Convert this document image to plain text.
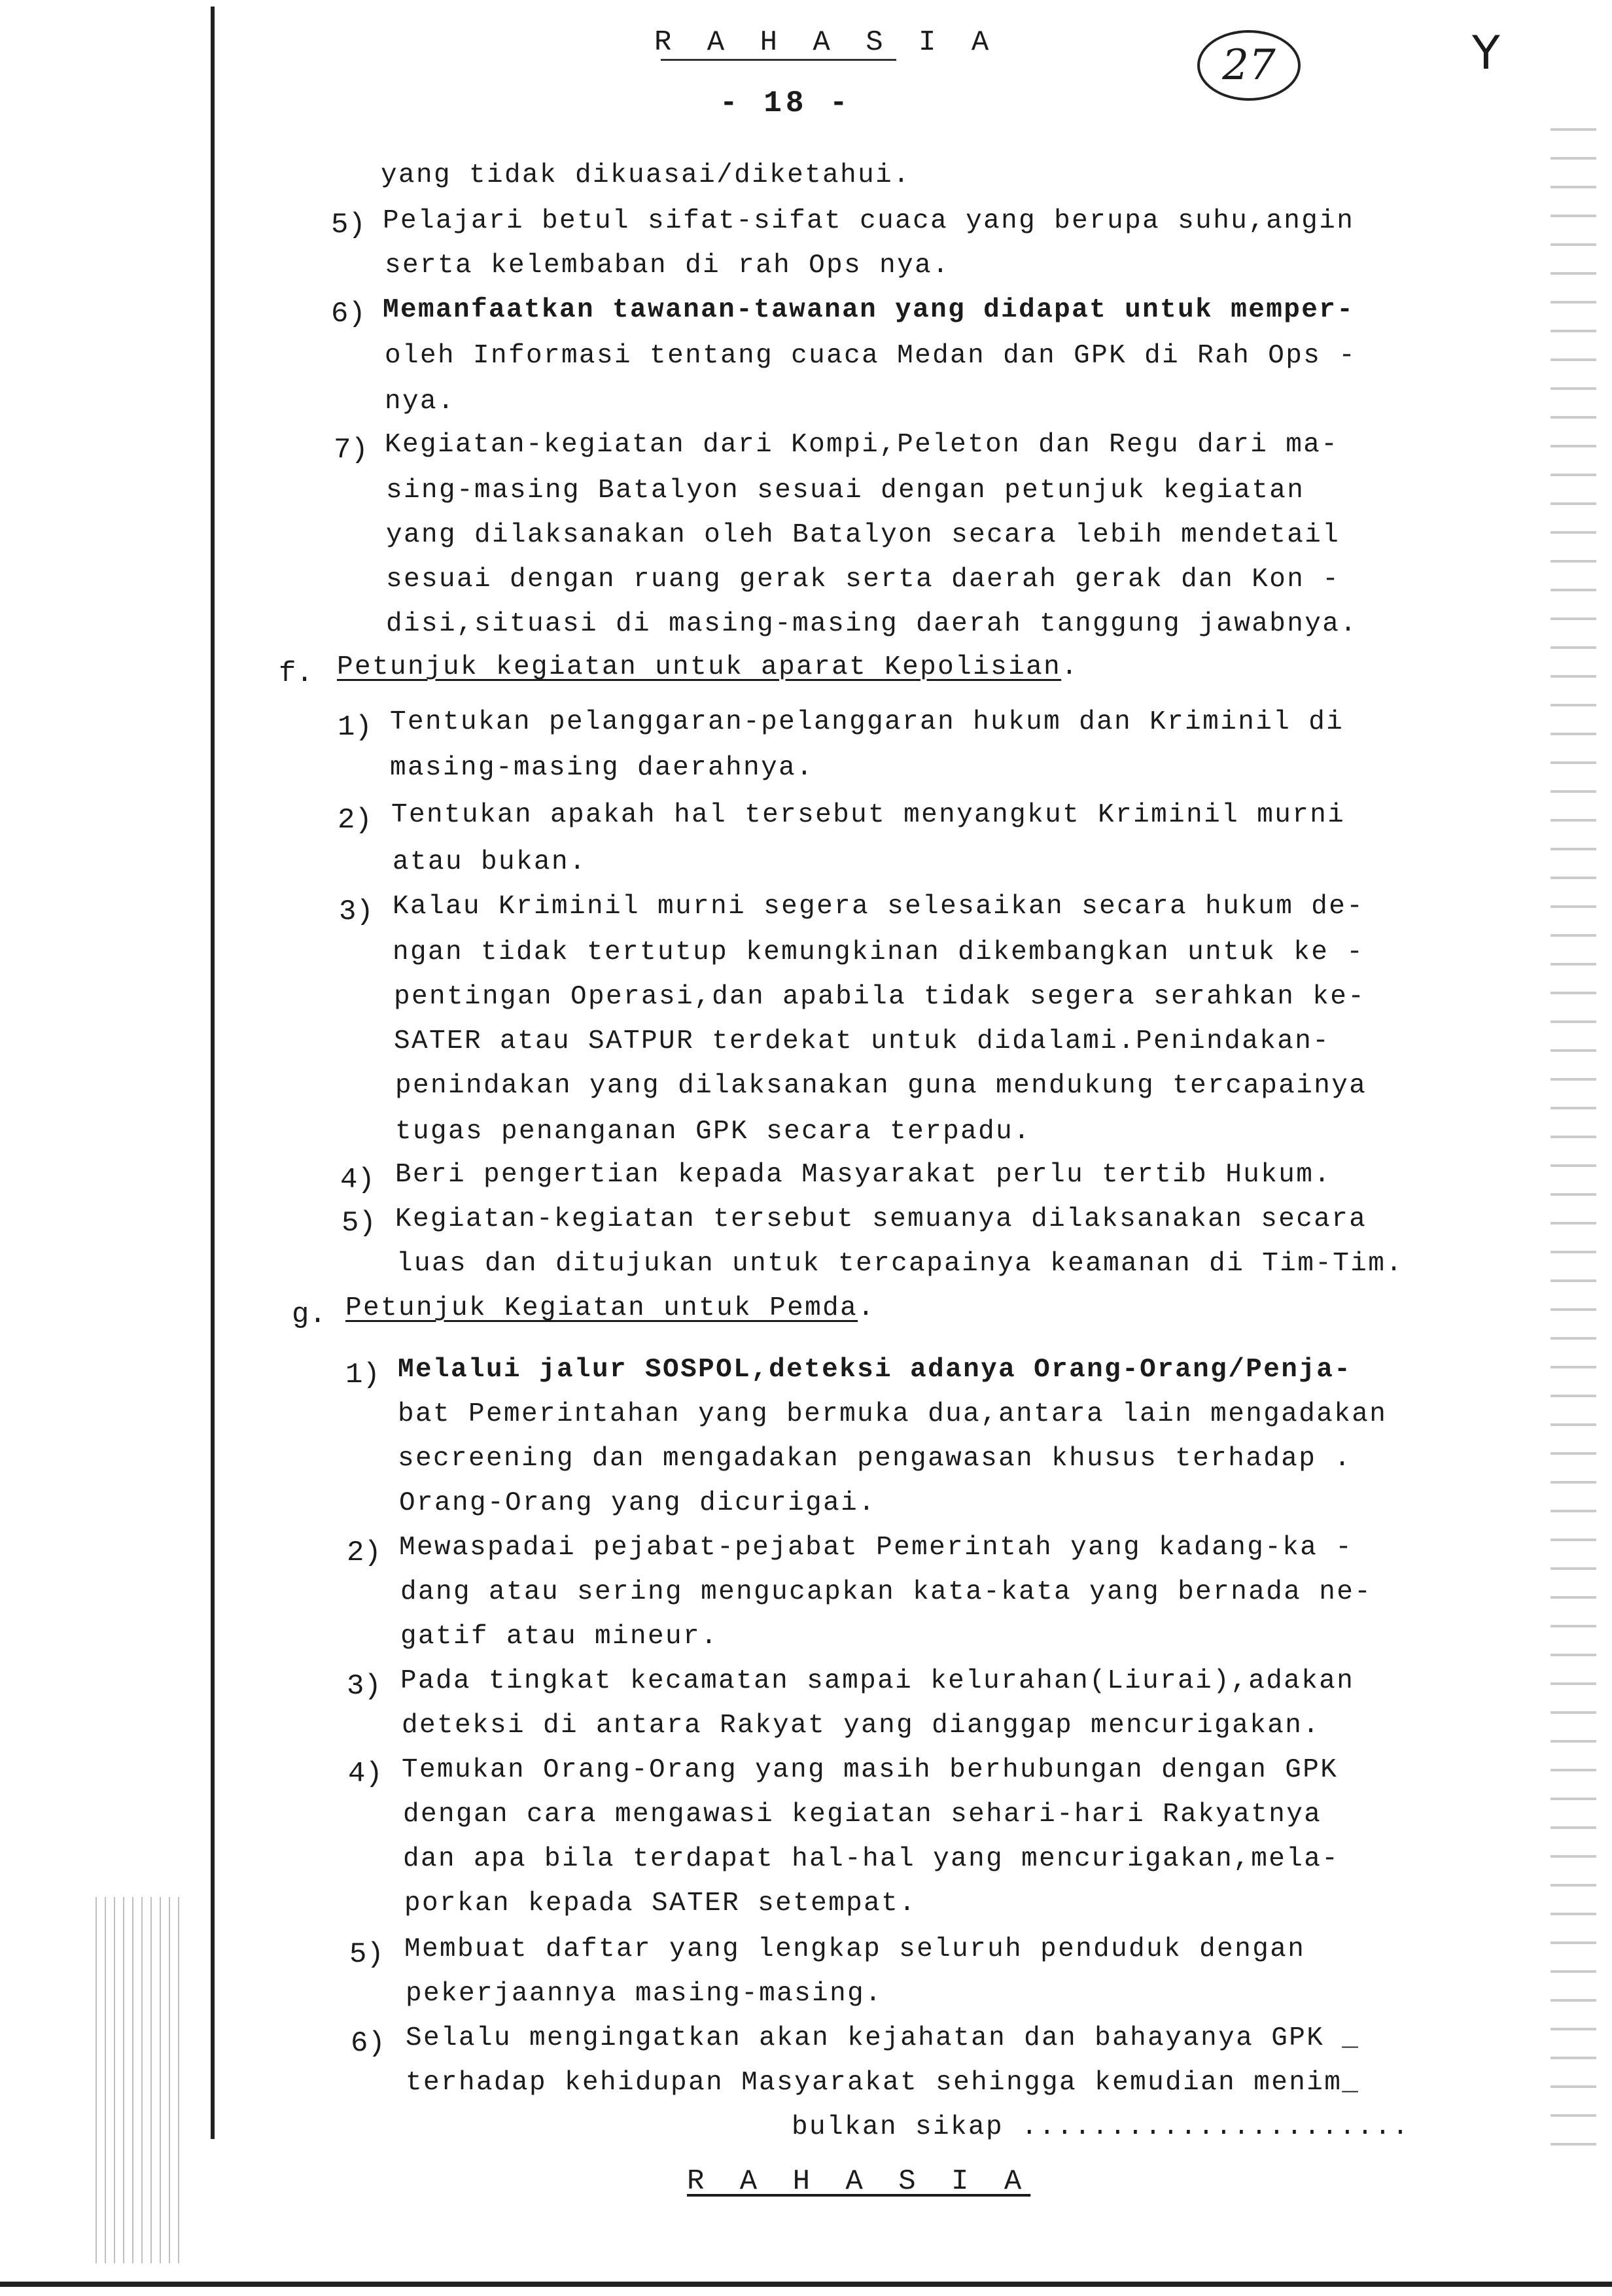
R A H A S I A
- 18 -
27	Y
yang tidak dikuasai/diketahui.
5) Pelajari betul sifat-sifat cuaca yang berupa suhu,angin
serta kelembaban di rah Ops nya.
6) Memanfaatkan tawanan-tawanan yang didapat untuk memper-
oleh Informasi tentang cuaca Medan dan GPK di Rah Ops -
nya.
7) Kegiatan-kegiatan dari Kompi,Peleton dan Regu dari ma-
sing-masing Batalyon sesuai dengan petunjuk kegiatan
yang dilaksanakan oleh Batalyon secara lebih mendetail
sesuai dengan ruang gerak serta daerah gerak dan Kon -
disi,situasi di masing-masing daerah tanggung jawabnya.
f. Petunjuk kegiatan untuk aparat Kepolisian.
1) Tentukan pelanggaran-pelanggaran hukum dan Kriminil di
masing-masing daerahnya.
2) Tentukan apakah hal tersebut menyangkut Kriminil murni
atau bukan.
3) Kalau Kriminil murni segera selesaikan secara hukum de-
ngan tidak tertutup kemungkinan dikembangkan untuk ke -
pentingan Operasi,dan apabila tidak segera serahkan ke-
SATER atau SATPUR terdekat untuk didalami.Penindakan-
penindakan yang dilaksanakan guna mendukung tercapainya
tugas penanganan GPK secara terpadu.
4) Beri pengertian kepada Masyarakat perlu tertib Hukum.
5) Kegiatan-kegiatan tersebut semuanya dilaksanakan secara
luas dan ditujukan untuk tercapainya keamanan di Tim-Tim.
g. Petunjuk Kegiatan untuk Pemda.
1) Melalui jalur SOSPOL,deteksi adanya Orang-Orang/Penja-
bat Pemerintahan yang bermuka dua,antara lain mengadakan
secreening dan mengadakan pengawasan khusus terhadap .
Orang-Orang yang dicurigai.
2) Mewaspadai pejabat-pejabat Pemerintah yang kadang-ka -
dang atau sering mengucapkan kata-kata yang bernada ne-
gatif atau mineur.
3) Pada tingkat kecamatan sampai kelurahan(Liurai),adakan
deteksi di antara Rakyat yang dianggap mencurigakan.
4) Temukan Orang-Orang yang masih berhubungan dengan GPK
dengan cara mengawasi kegiatan sehari-hari Rakyatnya
dan apa bila terdapat hal-hal yang mencurigakan,mela-
porkan kepada SATER setempat.
5) Membuat daftar yang lengkap seluruh penduduk dengan
pekerjaannya masing-masing.
6) Selalu mengingatkan akan kejahatan dan bahayanya GPK _
terhadap kehidupan Masyarakat sehingga kemudian menim_
bulkan sikap ......................
R A H A S I A
